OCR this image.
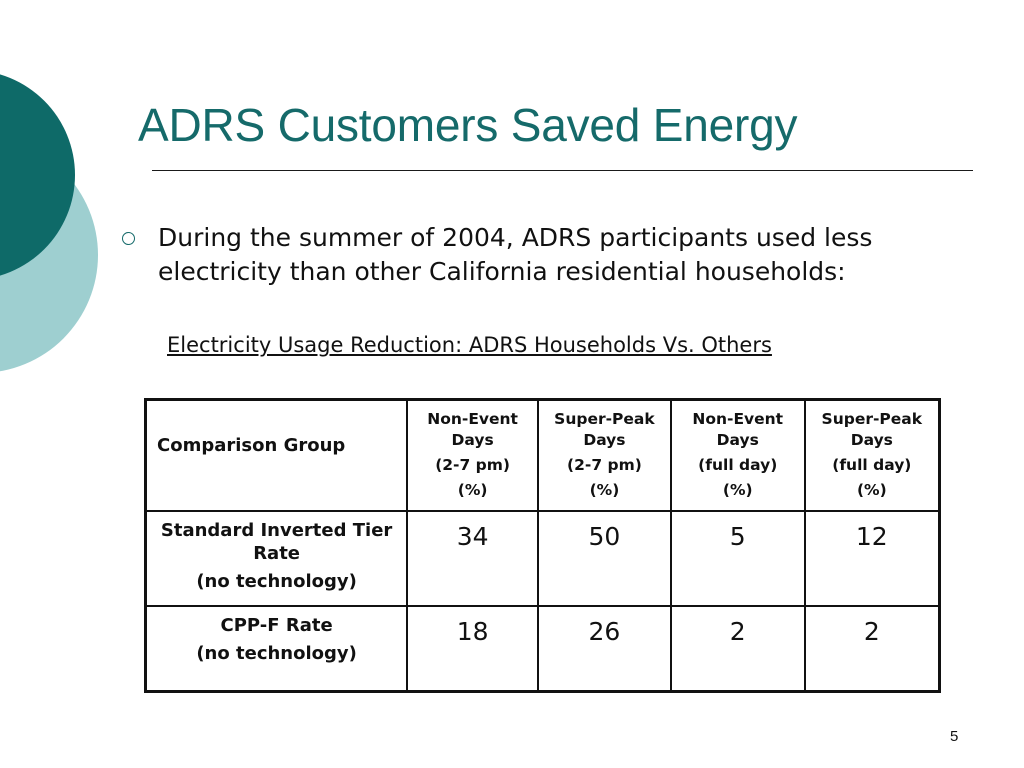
ADRS Customers Saved Energy

During the summer of 2004, ADRS participants used less electricity than other California residential households:

Electricity Usage Reduction: ADRS Households Vs. Others

Comparison Group	Non-Event Days
(2-7 pm)
(%)	Super-Peak Days
(2-7 pm)
(%)	Non-Event Days
(full day)
(%)	Super-Peak Days
(full day)
(%)

Standard Inverted Tier Rate
(no technology)	34	50	5	12

CPP-F Rate
(no technology)	18	26	2	2

5
